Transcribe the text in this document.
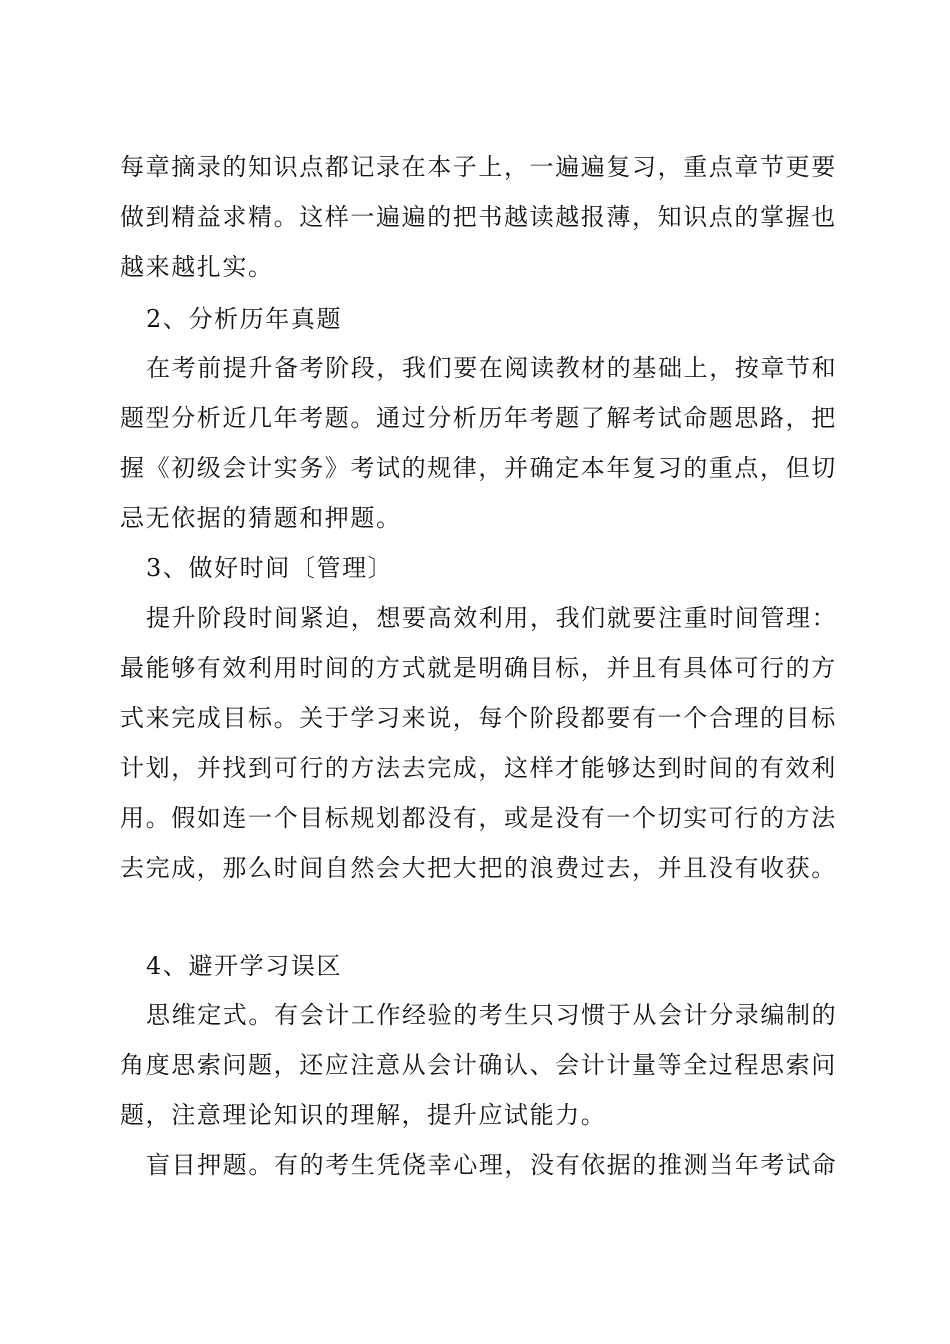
每章摘录的知识点都记录在本子上，一遍遍复习，重点章节更要
做到精益求精。这样一遍遍的把书越读越报薄，知识点的掌握也
越来越扎实。
2、分析历年真题
在考前提升备考阶段，我们要在阅读教材的基础上，按章节和
题型分析近几年考题。通过分析历年考题了解考试命题思路，把
握《初级会计实务》考试的规律，并确定本年复习的重点，但切
忌无依据的猜题和押题。
3、做好时间〔管理〕
提升阶段时间紧迫，想要高效利用，我们就要注重时间管理：
最能够有效利用时间的方式就是明确目标，并且有具体可行的方
式来完成目标。关于学习来说，每个阶段都要有一个合理的目标
计划，并找到可行的方法去完成，这样才能够达到时间的有效利
用。假如连一个目标规划都没有，或是没有一个切实可行的方法
去完成，那么时间自然会大把大把的浪费过去，并且没有收获。
4、避开学习误区
思维定式。有会计工作经验的考生只习惯于从会计分录编制的
角度思索问题，还应注意从会计确认、会计计量等全过程思索问
题，注意理论知识的理解，提升应试能力。
盲目押题。有的考生凭侥幸心理，没有依据的推测当年考试命
